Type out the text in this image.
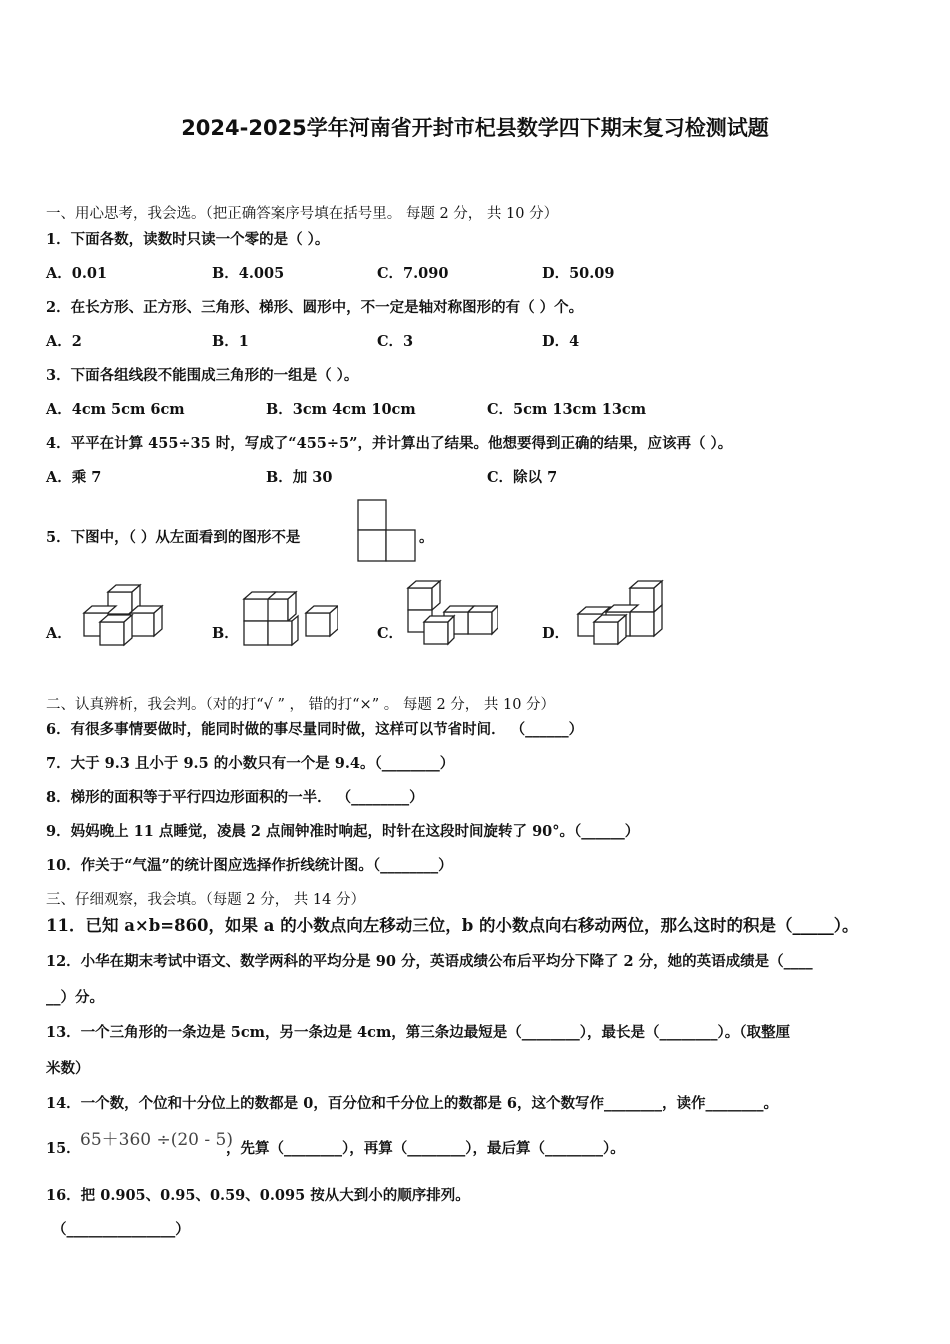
2024-2025学年河南省开封市杞县数学四下期末复习检测试题
一、用心思考，我会选。（把正确答案序号填在括号里。 每题 2 分， 共 10 分）
1．下面各数，读数时只读一个零的是（ ）。
A．0.01	B．4.005	C．7.090	D．50.09
2．在长方形、正方形、三角形、梯形、圆形中，不一定是轴对称图形的有（ ）个。
A．2	B．1	C．3	D．4
3．下面各组线段不能围成三角形的一组是（ ）。
A．4cm 5cm 6cm	B．3cm 4cm 10cm	C．5cm 13cm 13cm
4．平平在计算 455÷35 时，写成了“455÷5”，并计算出了结果。他想要得到正确的结果，应该再（ ）。
A．乘 7	B．加 30	C．除以 7
5．下图中，（ ）从左面看到的图形不是	。
A．	B．	C．	D．
二、认真辨析，我会判。（对的打“√ ” ， 错的打“×” 。 每题 2 分， 共 10 分）
6．有很多事情要做时，能同时做的事尽量同时做，这样可以节省时间． （______）
7．大于 9.3 且小于 9.5 的小数只有一个是 9.4。（________）
8．梯形的面积等于平行四边形面积的一半． （________）
9．妈妈晚上 11 点睡觉，凌晨 2 点闹钟准时响起，时针在这段时间旋转了 90°。（______）
10．作关于“气温”的统计图应选择作折线统计图。（________）
三、仔细观察，我会填。（每题 2 分， 共 14 分）
11．已知 a×b=860，如果 a 的小数点向左移动三位，b 的小数点向右移动两位，那么这时的积是（_____）。
12．小华在期末考试中语文、数学两科的平均分是 90 分，英语成绩公布后平均分下降了 2 分，她的英语成绩是（____
__）分。
13．一个三角形的一条边是 5cm，另一条边是 4cm，第三条边最短是（________），最长是（________）。（取整厘
米数）
14．一个数，个位和十分位上的数都是 0，百分位和千分位上的数都是 6，这个数写作________，读作________。
15． 65＋360 ÷(20 - 5)
，先算（________），再算（________），最后算（________）。
16．把 0.905、0.95、0.59、0.095 按从大到小的顺序排列。
（_______________）
